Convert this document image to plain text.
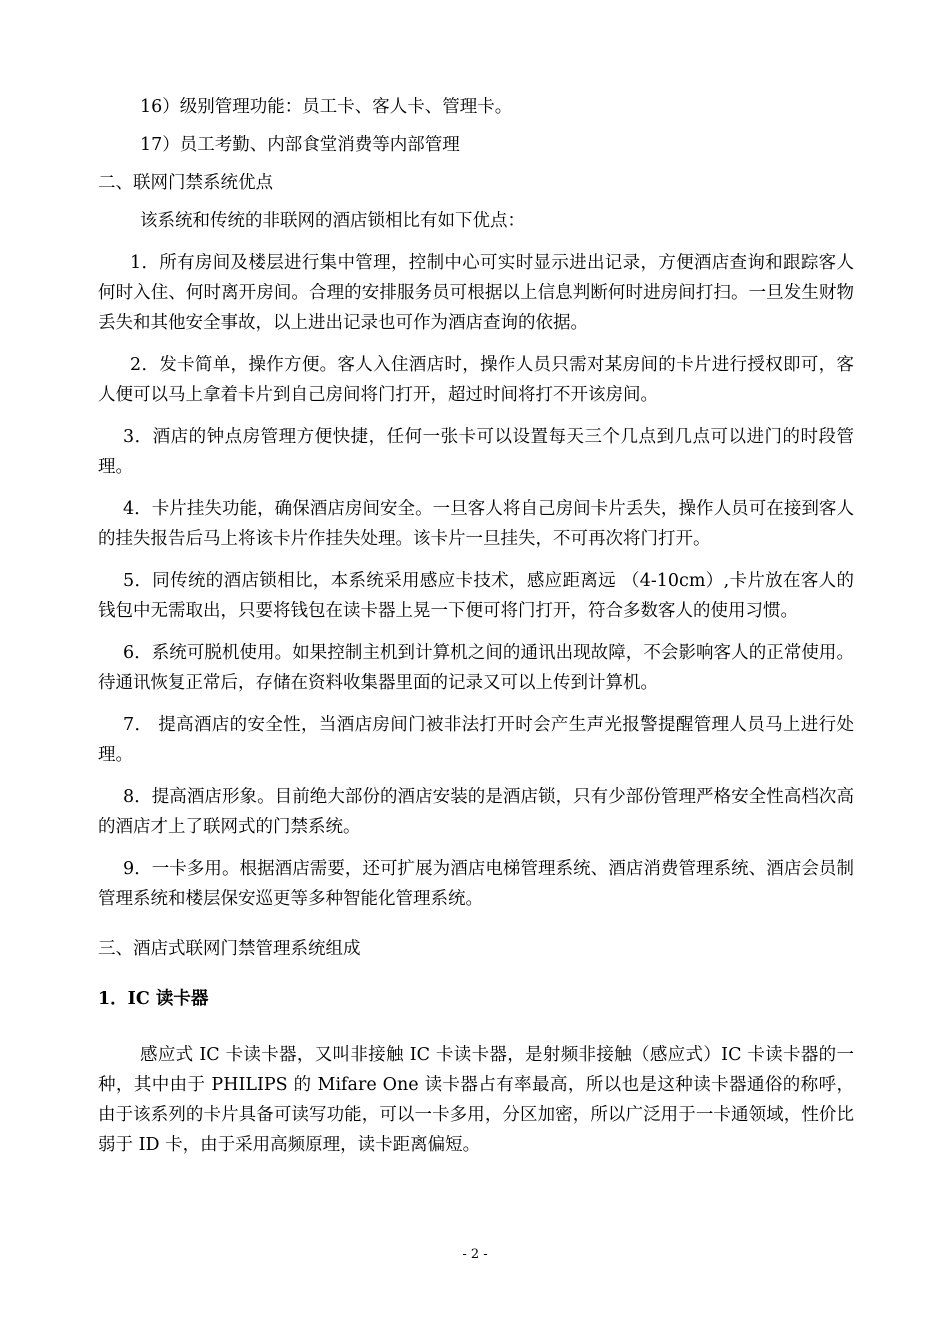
16）级别管理功能：员工卡、客人卡、管理卡。

17）员工考勤、内部食堂消费等内部管理

二、联网门禁系统优点

该系统和传统的非联网的酒店锁相比有如下优点：

1．所有房间及楼层进行集中管理，控制中心可实时显示进出记录，方便酒店查询和跟踪客人何时入住、何时离开房间。合理的安排服务员可根据以上信息判断何时进房间打扫。一旦发生财物丢失和其他安全事故，以上进出记录也可作为酒店查询的依据。

2．发卡简单，操作方便。客人入住酒店时，操作人员只需对某房间的卡片进行授权即可，客人便可以马上拿着卡片到自己房间将门打开，超过时间将打不开该房间。

3．酒店的钟点房管理方便快捷，任何一张卡可以设置每天三个几点到几点可以进门的时段管理。

4．卡片挂失功能，确保酒店房间安全。一旦客人将自己房间卡片丢失，操作人员可在接到客人的挂失报告后马上将该卡片作挂失处理。该卡片一旦挂失，不可再次将门打开。

5．同传统的酒店锁相比，本系统采用感应卡技术，感应距离远 （4-10cm）,卡片放在客人的钱包中无需取出，只要将钱包在读卡器上晃一下便可将门打开，符合多数客人的使用习惯。

6．系统可脱机使用。如果控制主机到计算机之间的通讯出现故障，不会影响客人的正常使用。待通讯恢复正常后，存储在资料收集器里面的记录又可以上传到计算机。

7． 提高酒店的安全性，当酒店房间门被非法打开时会产生声光报警提醒管理人员马上进行处理。

8．提高酒店形象。目前绝大部份的酒店安装的是酒店锁，只有少部份管理严格安全性高档次高的酒店才上了联网式的门禁系统。

9．一卡多用。根据酒店需要，还可扩展为酒店电梯管理系统、酒店消费管理系统、酒店会员制管理系统和楼层保安巡更等多种智能化管理系统。

三、酒店式联网门禁管理系统组成

1．IC 读卡器

感应式 IC 卡读卡器，又叫非接触 IC 卡读卡器，是射频非接触（感应式）IC 卡读卡器的一种，其中由于 PHILIPS 的 Mifare One 读卡器占有率最高，所以也是这种读卡器通俗的称呼，由于该系列的卡片具备可读写功能，可以一卡多用，分区加密，所以广泛用于一卡通领域，性价比弱于 ID 卡，由于采用高频原理，读卡距离偏短。

- 2 -
